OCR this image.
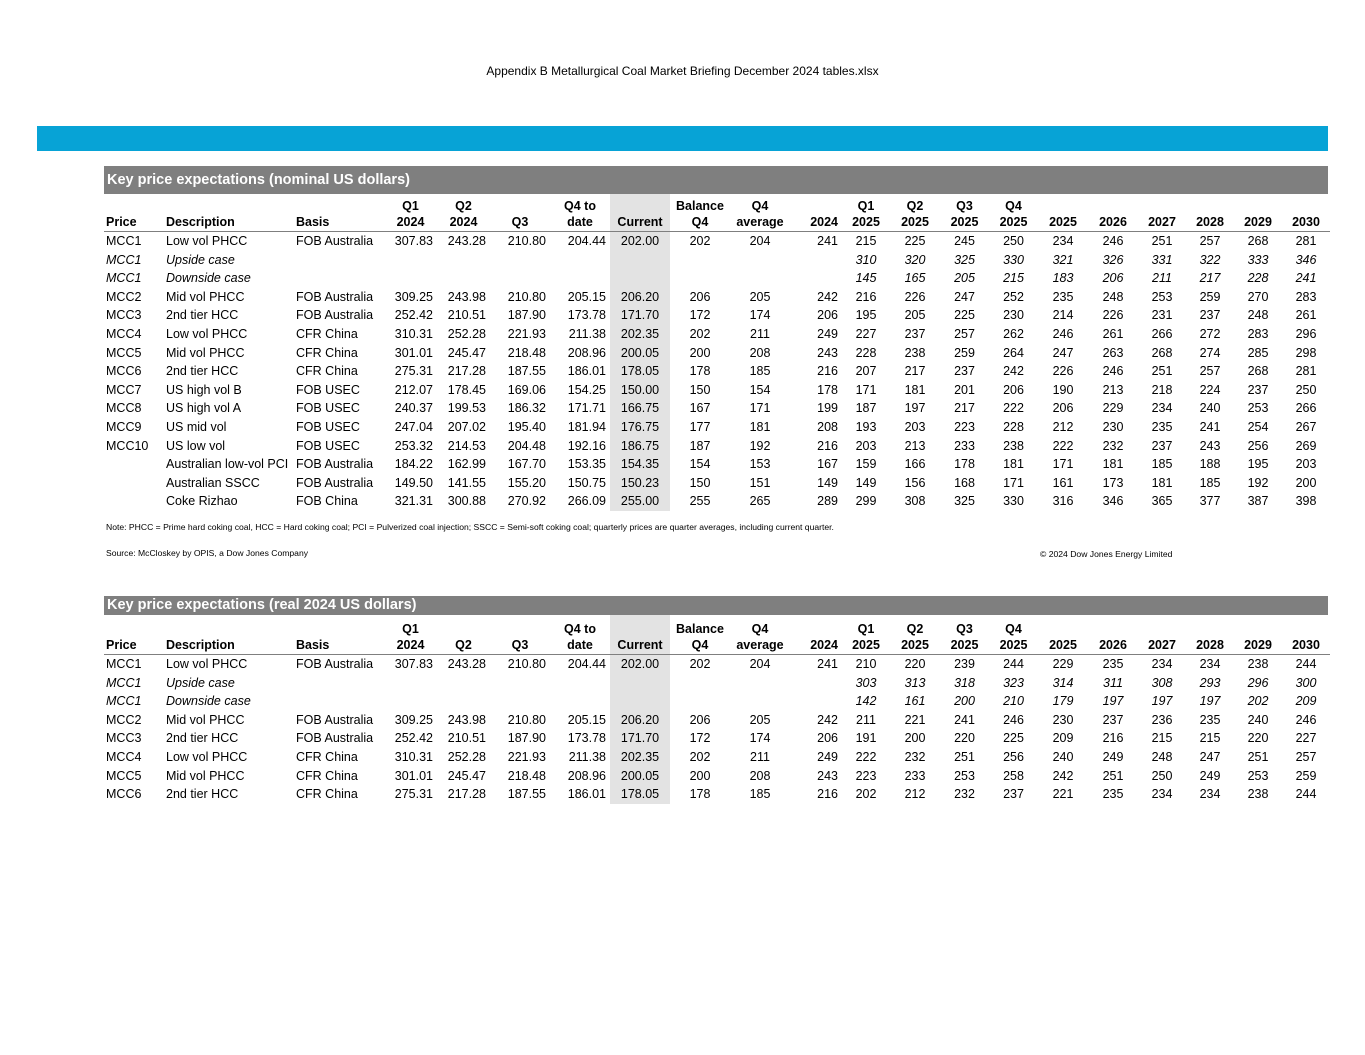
Appendix B Metallurgical Coal Market Briefing December 2024 tables.xlsx
Key price expectations (nominal US dollars)
			Q1	Q2		Q4 to		Balance	Q4		Q1	Q2	Q3	Q4						
Price	Description	Basis	2024	2024	Q3	date	Current	Q4	average	2024	2025	2025	2025	2025	2025	2026	2027	2028	2029	2030
MCC1	Low vol PHCC	FOB Australia	307.83	243.28	210.80	204.44	202.00	202	204	241	215	225	245	250	234	246	251	257	268	281
MCC1	Upside case										310	320	325	330	321	326	331	322	333	346
MCC1	Downside case										145	165	205	215	183	206	211	217	228	241
MCC2	Mid vol PHCC	FOB Australia	309.25	243.98	210.80	205.15	206.20	206	205	242	216	226	247	252	235	248	253	259	270	283
MCC3	2nd tier HCC	FOB Australia	252.42	210.51	187.90	173.78	171.70	172	174	206	195	205	225	230	214	226	231	237	248	261
MCC4	Low vol PHCC	CFR China	310.31	252.28	221.93	211.38	202.35	202	211	249	227	237	257	262	246	261	266	272	283	296
MCC5	Mid vol PHCC	CFR China	301.01	245.47	218.48	208.96	200.05	200	208	243	228	238	259	264	247	263	268	274	285	298
MCC6	2nd tier HCC	CFR China	275.31	217.28	187.55	186.01	178.05	178	185	216	207	217	237	242	226	246	251	257	268	281
MCC7	US high vol B	FOB USEC	212.07	178.45	169.06	154.25	150.00	150	154	178	171	181	201	206	190	213	218	224	237	250
MCC8	US high vol A	FOB USEC	240.37	199.53	186.32	171.71	166.75	167	171	199	187	197	217	222	206	229	234	240	253	266
MCC9	US mid vol	FOB USEC	247.04	207.02	195.40	181.94	176.75	177	181	208	193	203	223	228	212	230	235	241	254	267
MCC10	US low vol	FOB USEC	253.32	214.53	204.48	192.16	186.75	187	192	216	203	213	233	238	222	232	237	243	256	269
	Australian low-vol PCI	FOB Australia	184.22	162.99	167.70	153.35	154.35	154	153	167	159	166	178	181	171	181	185	188	195	203
	Australian SSCC	FOB Australia	149.50	141.55	155.20	150.75	150.23	150	151	149	149	156	168	171	161	173	181	185	192	200
	Coke Rizhao	FOB China	321.31	300.88	270.92	266.09	255.00	255	265	289	299	308	325	330	316	346	365	377	387	398
Note: PHCC = Prime hard coking coal, HCC = Hard coking coal; PCI = Pulverized coal injection; SSCC = Semi-soft coking coal; quarterly prices are quarter averages, including current quarter.
Source: McCloskey by OPIS, a Dow Jones Company	© 2024 Dow Jones Energy Limited
Key price expectations (real 2024 US dollars)
			Q1			Q4 to		Balance	Q4		Q1	Q2	Q3	Q4						
Price	Description	Basis	2024	Q2	Q3	date	Current	Q4	average	2024	2025	2025	2025	2025	2025	2026	2027	2028	2029	2030
MCC1	Low vol PHCC	FOB Australia	307.83	243.28	210.80	204.44	202.00	202	204	241	210	220	239	244	229	235	234	234	238	244
MCC1	Upside case										303	313	318	323	314	311	308	293	296	300
MCC1	Downside case										142	161	200	210	179	197	197	197	202	209
MCC2	Mid vol PHCC	FOB Australia	309.25	243.98	210.80	205.15	206.20	206	205	242	211	221	241	246	230	237	236	235	240	246
MCC3	2nd tier HCC	FOB Australia	252.42	210.51	187.90	173.78	171.70	172	174	206	191	200	220	225	209	216	215	215	220	227
MCC4	Low vol PHCC	CFR China	310.31	252.28	221.93	211.38	202.35	202	211	249	222	232	251	256	240	249	248	247	251	257
MCC5	Mid vol PHCC	CFR China	301.01	245.47	218.48	208.96	200.05	200	208	243	223	233	253	258	242	251	250	249	253	259
MCC6	2nd tier HCC	CFR China	275.31	217.28	187.55	186.01	178.05	178	185	216	202	212	232	237	221	235	234	234	238	244
